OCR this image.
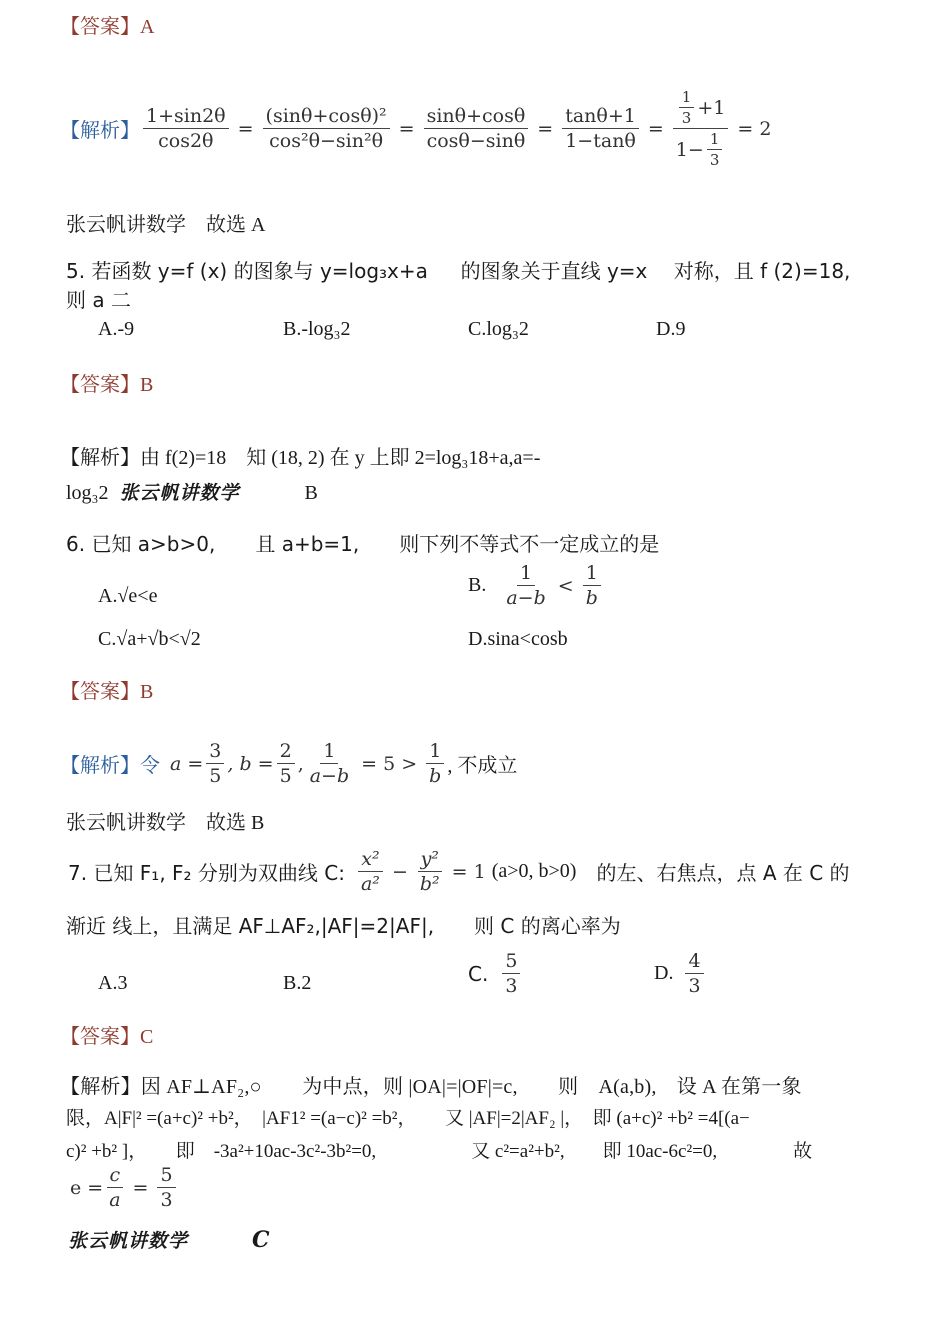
【答案】A
【解析】 $\frac{1+\sin 2\theta}{\cos 2\theta} = \frac{\text{(sinθ+cosθ)²}}{\text{cos²θ−sin²θ}} = \frac{\sin\theta+\cos\theta}{\cos\theta-\sin\theta} = \frac{\tan\theta+1}{1-\tan\theta} = \frac{\frac{1}{3} +1}{1- \frac{1}{3}} = 2$
张云帆讲数学　故选 A
5. 若函数 y=f (x) 的图象与 y=log₃x+a 　 的图象关于直线 y=x 　对称，且 f (2)=18,
则 a 二
A.-9	B.-log₃2	C.log₃2	D.9
【答案】B
【解析】由 f(2)=18　知 (18, 2) 在 y 上即 2=log₃18+a,a=-
log₃2 张云帆讲数学	B
6. 已知 a>b>0,　　且 a+b=1,　　则下列不等式不一定成立的是
A.√e<e	B. $\frac{1}{a-b} < \frac{1}{b}$
C.√a+√b<√2	D.sina<cosb
【答案】B
【解析】 令 $a = \frac{3}{5}$ , $b = \frac{2}{5}$ , $\frac{1}{a-b} = 5 > \frac{1}{b}$ , 不成立
张云帆讲数学　故选 B
7. 已知 F₁, F₂ 分别为双曲线 C: $\frac{\text{x²}}{\text{a²}} - \frac{\text{y²}}{\text{b²}} = 1$ (a>0, b>0) 　的左、右焦点，点 A 在 C 的
渐近 线上，且满足 AF⊥AF₂,|AF|=2|AF|,　　则 C 的离心率为
A.3	B.2	C. $\frac{5}{3}$	D. $\frac{4}{3}$
【答案】C
【解析】因 AF⊥AF₂,○　　为中点，则 |OA|=|OF|=c,　　则　A(a,b),　设 A 在第一象
限，A|F|² =(a+c)² +b²，　|AF1² =(a−c)² =b²，　　又 |AF|=2|AF₂ |，　即 (a+c)² +b² =4[(a−
c)² +b² ]，　　即　-3a²+10ac-3c²-3b²=0,　　　　　又 c²=a²+b²,　　即 10ac-6c²=0,　　　　故
$e = \frac{c}{a} = \frac{5}{3}$
张云帆讲数学	C
